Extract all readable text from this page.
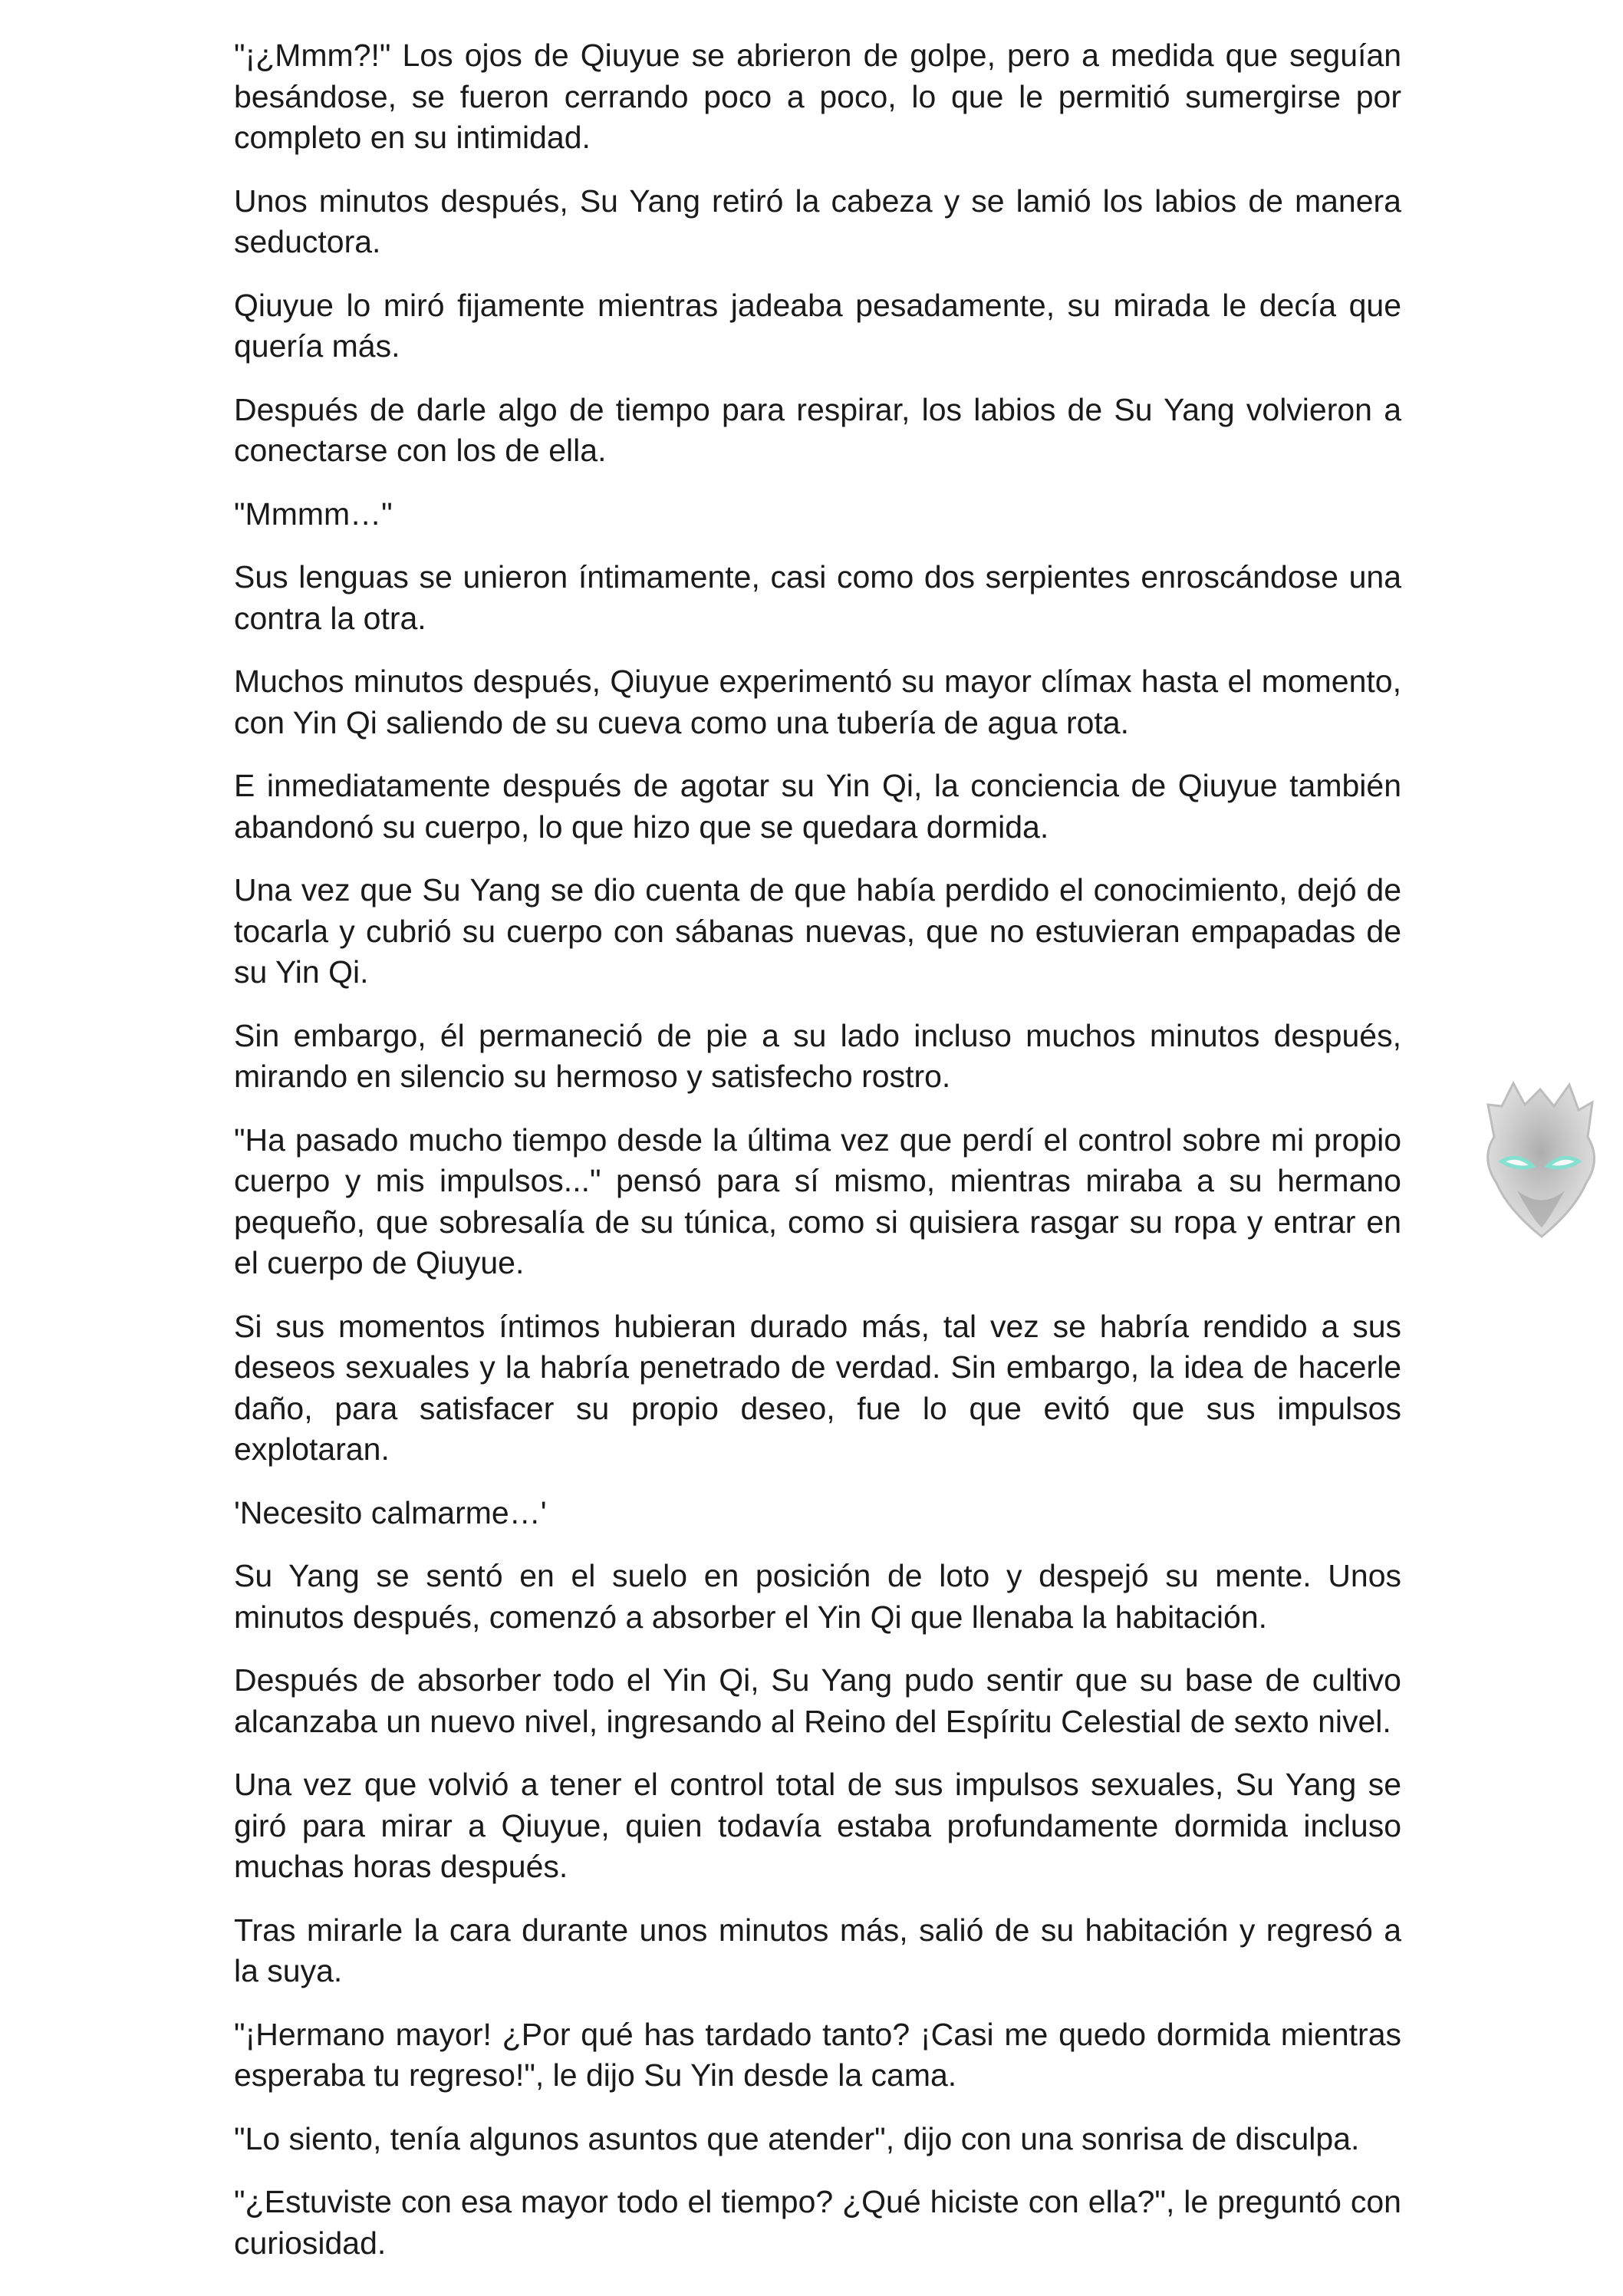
"¡¿Mmm?!" Los ojos de Qiuyue se abrieron de golpe, pero a medida que seguían besándose, se fueron cerrando poco a poco, lo que le permitió sumergirse por completo en su intimidad.

Unos minutos después, Su Yang retiró la cabeza y se lamió los labios de manera seductora.

Qiuyue lo miró fijamente mientras jadeaba pesadamente, su mirada le decía que quería más.

Después de darle algo de tiempo para respirar, los labios de Su Yang volvieron a conectarse con los de ella.

"Mmmm…"

Sus lenguas se unieron íntimamente, casi como dos serpientes enroscándose una contra la otra.

Muchos minutos después, Qiuyue experimentó su mayor clímax hasta el momento, con Yin Qi saliendo de su cueva como una tubería de agua rota.

E inmediatamente después de agotar su Yin Qi, la conciencia de Qiuyue también abandonó su cuerpo, lo que hizo que se quedara dormida.

Una vez que Su Yang se dio cuenta de que había perdido el conocimiento, dejó de tocarla y cubrió su cuerpo con sábanas nuevas, que no estuvieran empapadas de su Yin Qi.

Sin embargo, él permaneció de pie a su lado incluso muchos minutos después, mirando en silencio su hermoso y satisfecho rostro.

"Ha pasado mucho tiempo desde la última vez que perdí el control sobre mi propio cuerpo y mis impulsos..." pensó para sí mismo, mientras miraba a su hermano pequeño, que sobresalía de su túnica, como si quisiera rasgar su ropa y entrar en el cuerpo de Qiuyue.

Si sus momentos íntimos hubieran durado más, tal vez se habría rendido a sus deseos sexuales y la habría penetrado de verdad. Sin embargo, la idea de hacerle daño, para satisfacer su propio deseo, fue lo que evitó que sus impulsos explotaran.

'Necesito calmarme…'

Su Yang se sentó en el suelo en posición de loto y despejó su mente. Unos minutos después, comenzó a absorber el Yin Qi que llenaba la habitación.

Después de absorber todo el Yin Qi, Su Yang pudo sentir que su base de cultivo alcanzaba un nuevo nivel, ingresando al Reino del Espíritu Celestial de sexto nivel.

Una vez que volvió a tener el control total de sus impulsos sexuales, Su Yang se giró para mirar a Qiuyue, quien todavía estaba profundamente dormida incluso muchas horas después.

Tras mirarle la cara durante unos minutos más, salió de su habitación y regresó a la suya.

"¡Hermano mayor! ¿Por qué has tardado tanto? ¡Casi me quedo dormida mientras esperaba tu regreso!", le dijo Su Yin desde la cama.

"Lo siento, tenía algunos asuntos que atender", dijo con una sonrisa de disculpa.

"¿Estuviste con esa mayor todo el tiempo? ¿Qué hiciste con ella?", le preguntó con curiosidad.
